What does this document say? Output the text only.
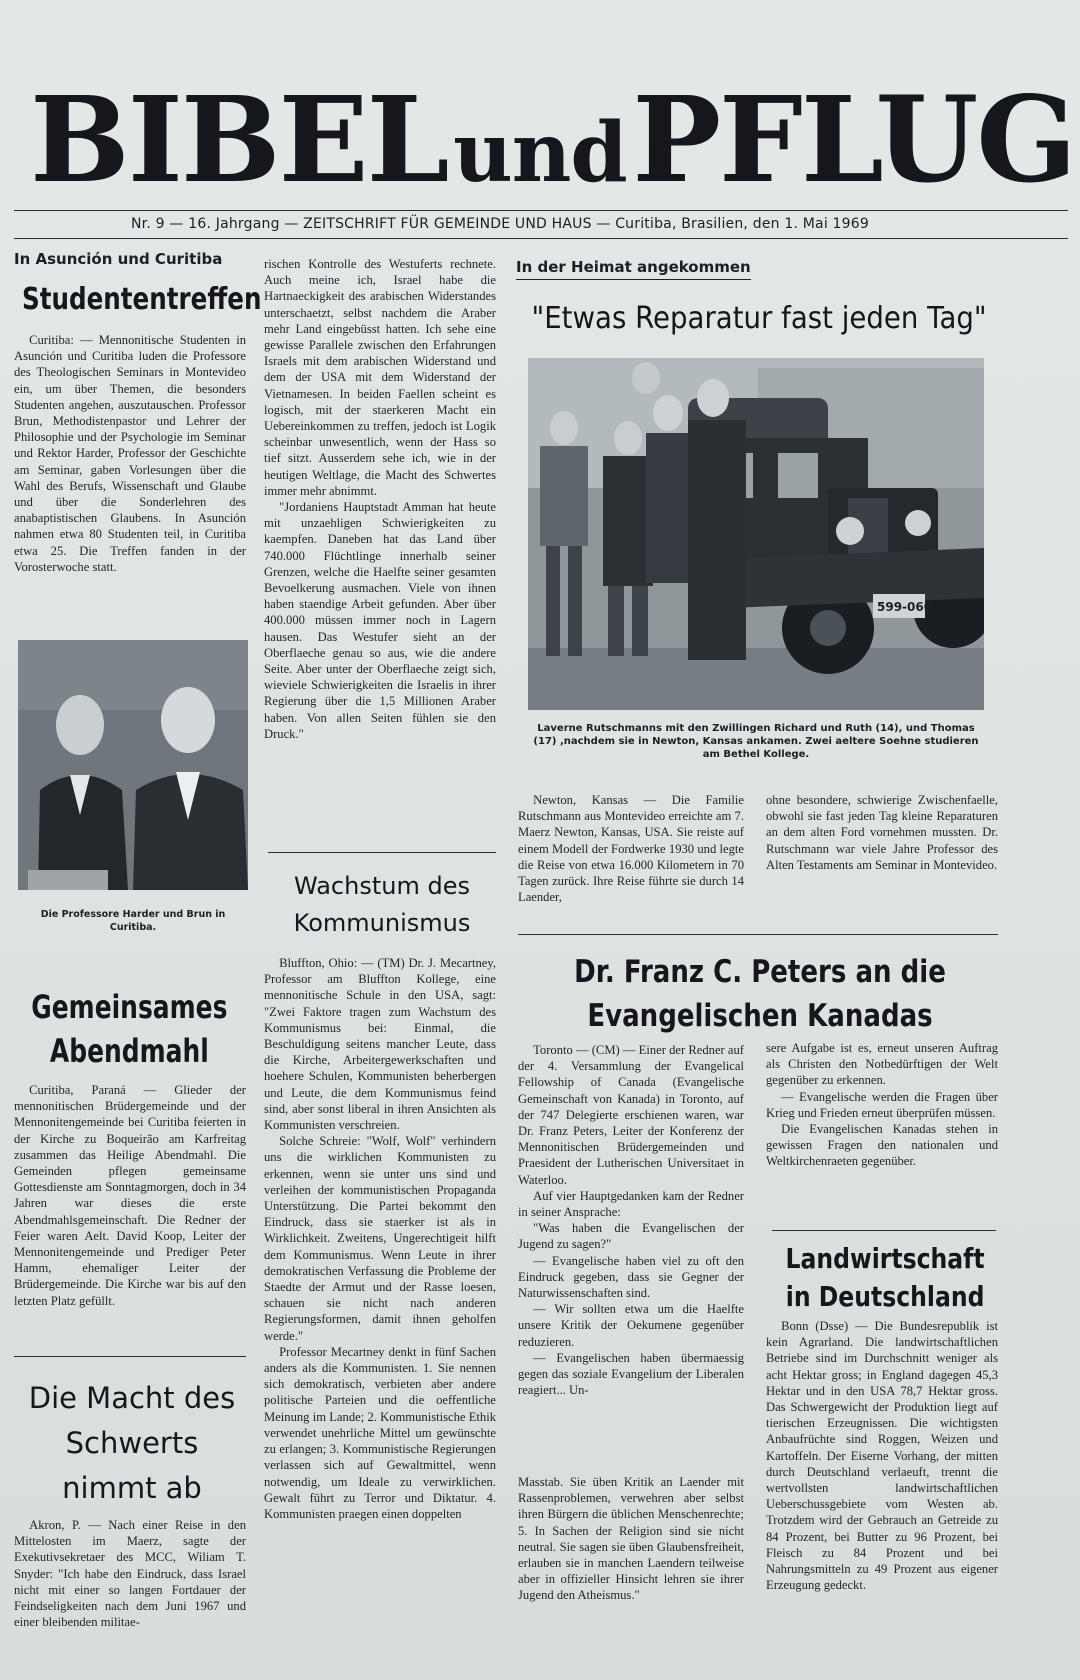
BIBEL und PFLUG
Nr. 9 — 16. Jahrgang — ZEITSCHRIFT FÜR GEMEINDE UND HAUS — Curitiba, Brasilien, den 1. Mai 1969
In Asunción und Curitiba
Studententreffen

Curitiba: — Mennonitische Studenten in Asunción und Curitiba luden die Professore des Theologischen Seminars in Montevideo ein, um über Themen, die besonders Studenten angehen, auszutauschen. Professor Brun, Methodistenpastor und Lehrer der Philosophie und der Psychologie im Seminar und Rektor Harder, Professor der Geschichte am Seminar, gaben Vorlesungen über die Wahl des Berufs, Wissenschaft und Glaube und über die Sonderlehren des anabaptistischen Glaubens. In Asunción nahmen etwa 80 Studenten teil, in Curitiba etwa 25. Die Treffen fanden in der Vorosterwoche statt.

Die Professore Harder und Brun in Curitiba.
Gemeinsames Abendmahl

Curitiba, Paraná — Glieder der mennonitischen Brüdergemeinde und der Mennonitengemeinde bei Curitiba feierten in der Kirche zu Boqueirão am Karfreitag zusammen das Heilige Abendmahl. Die Gemeinden pflegen gemeinsame Gottesdienste am Sonntagmorgen, doch in 34 Jahren war dieses die erste Abendmahlsgemeinschaft. Die Redner der Feier waren Aelt. David Koop, Leiter der Mennonitengemeinde und Prediger Peter Hamm, ehemaliger Leiter der Brüdergemeinde. Die Kirche war bis auf den letzten Platz gefüllt.

Die Macht des Schwerts nimmt ab

Akron, P. — Nach einer Reise in den Mittelosten im Maerz, sagte der Exekutivsekretaer des MCC, Wiliam T. Snyder: "Ich habe den Eindruck, dass Israel nicht mit einer so langen Fortdauer der Feindseligkeiten nach dem Juni 1967 und einer bleibenden militae-

rischen Kontrolle des Westuferts rechnete. Auch meine ich, Israel habe die Hartnaeckigkeit des arabischen Widerstandes unterschaetzt, selbst nachdem die Araber mehr Land eingebüsst hatten. Ich sehe eine gewisse Parallele zwischen den Erfahrungen Israels mit dem arabischen Widerstand und dem der USA mit dem Widerstand der Vietnamesen. In beiden Faellen scheint es logisch, mit der staerkeren Macht ein Uebereinkommen zu treffen, jedoch ist Logik scheinbar unwesentlich, wenn der Hass so tief sitzt. Ausserdem sehe ich, wie in der heutigen Weltlage, die Macht des Schwertes immer mehr abnimmt.

"Jordaniens Hauptstadt Amman hat heute mit unzaehligen Schwierigkeiten zu kaempfen. Daneben hat das Land über 740.000 Flüchtlinge innerhalb seiner Grenzen, welche die Haelfte seiner gesamten Bevoelkerung ausmachen. Viele von ihnen haben staendige Arbeit gefunden. Aber über 400.000 müssen immer noch in Lagern hausen. Das Westufer sieht an der Oberflaeche genau so aus, wie die andere Seite. Aber unter der Oberflaeche zeigt sich, wieviele Schwierigkeiten die Israelis in ihrer Regierung über die 1,5 Millionen Araber haben. Von allen Seiten fühlen sie den Druck."

Wachstum des Kommunismus

Bluffton, Ohio: — (TM) Dr. J. Mecartney, Professor am Bluffton Kollege, eine mennonitische Schule in den USA, sagt: "Zwei Faktore tragen zum Wachstum des Kommunismus bei: Einmal, die Beschuldigung seitens mancher Leute, dass die Kirche, Arbeitergewerkschaften und hoehere Schulen, Kommunisten beherbergen und Leute, die dem Kommunismus feind sind, aber sonst liberal in ihren Ansichten als Kommunisten verschreien.

Solche Schreie: "Wolf, Wolf" verhindern uns die wirklichen Kommunisten zu erkennen, wenn sie unter uns sind und verleihen der kommunistischen Propaganda Unterstützung. Die Partei bekommt den Eindruck, dass sie staerker ist als in Wirklichkeit. Zweitens, Ungerechtigeit hilft dem Kommunismus. Wenn Leute in ihrer demokratischen Verfassung die Probleme der Staedte der Armut und der Rasse loesen, schauen sie nicht nach anderen Regierungsformen, damit ihnen geholfen werde."

Professor Mecartney denkt in fünf Sachen anders als die Kommunisten. 1. Sie nennen sich demokratisch, verbieten aber andere politische Parteien und die oeffentliche Meinung im Lande; 2. Kommunistische Ethik verwendet unehrliche Mittel um gewünschte zu erlangen; 3. Kommunistische Regierungen verlassen sich auf Gewaltmittel, wenn notwendig, um Ideale zu verwirklichen. Gewalt führt zu Terror und Diktatur. 4. Kommunisten praegen einen doppelten

In der Heimat angekommen
"Etwas Reparatur fast jeden Tag"
599-060
Laverne Rutschmanns mit den Zwillingen Richard und Ruth (14), und Thomas (17) ,nachdem sie in Newton, Kansas ankamen. Zwei aeltere Soehne studieren am Bethel Kollege.

Newton, Kansas — Die Familie Rutschmann aus Montevideo erreichte am 7. Maerz Newton, Kansas, USA. Sie reiste auf einem Modell der Fordwerke 1930 und legte die Reise von etwa 16.000 Kilometern in 70 Tagen zurück. Ihre Reise führte sie durch 14 Laender,

ohne besondere, schwierige Zwischenfaelle, obwohl sie fast jeden Tag kleine Reparaturen an dem alten Ford vornehmen mussten. Dr. Rutschmann war viele Jahre Professor des Alten Testaments am Seminar in Montevideo.

Dr. Franz C. Peters an die Evangelischen Kanadas

Toronto — (CM) — Einer der Redner auf der 4. Versammlung der Evangelical Fellowship of Canada (Evangelische Gemeinschaft von Kanada) in Toronto, auf der 747 Delegierte erschienen waren, war Dr. Franz Peters, Leiter der Konferenz der Mennonitischen Brüdergemeinden und Praesident der Lutherischen Universitaet in Waterloo.

Auf vier Hauptgedanken kam der Redner in seiner Ansprache:

"Was haben die Evangelischen der Jugend zu sagen?"

— Evangelische haben viel zu oft den Eindruck gegeben, dass sie Gegner der Naturwissenschaften sind.

— Wir sollten etwa um die Haelfte unsere Kritik der Oekumene gegenüber reduzieren.

— Evangelischen haben übermaessig gegen das soziale Evangelium der Liberalen reagiert... Un-

Masstab. Sie üben Kritik an Laender mit Rassenproblemen, verwehren aber selbst ihren Bürgern die üblichen Menschenrechte; 5. In Sachen der Religion sind sie nicht neutral. Sie sagen sie üben Glaubensfreiheit, erlauben sie in manchen Laendern teilweise aber in offizieller Hinsicht lehren sie ihrer Jugend den Atheismus."

sere Aufgabe ist es, erneut unseren Auftrag als Christen den Notbedürftigen der Welt gegenüber zu erkennen.

— Evangelische werden die Fragen über Krieg und Frieden erneut überprüfen müssen.

Die Evangelischen Kanadas stehen in gewissen Fragen den nationalen und Weltkirchenraeten gegenüber.

Landwirtschaft in Deutschland

Bonn (Dsse) — Die Bundesrepublik ist kein Agrarland. Die landwirtschaftlichen Betriebe sind im Durchschnitt weniger als acht Hektar gross; in England dagegen 45,3 Hektar und in den USA 78,7 Hektar gross. Das Schwergewicht der Produktion liegt auf tierischen Erzeugnissen. Die wichtigsten Anbaufrüchte sind Roggen, Weizen und Kartoffeln. Der Eiserne Vorhang, der mitten durch Deutschland verlaeuft, trennt die wertvollsten landwirtschaftlichen Ueberschussgebiete vom Westen ab. Trotzdem wird der Gebrauch an Getreide zu 84 Prozent, bei Butter zu 96 Prozent, bei Fleisch zu 84 Prozent und bei Nahrungsmitteln zu 49 Prozent aus eigener Erzeugung gedeckt.
